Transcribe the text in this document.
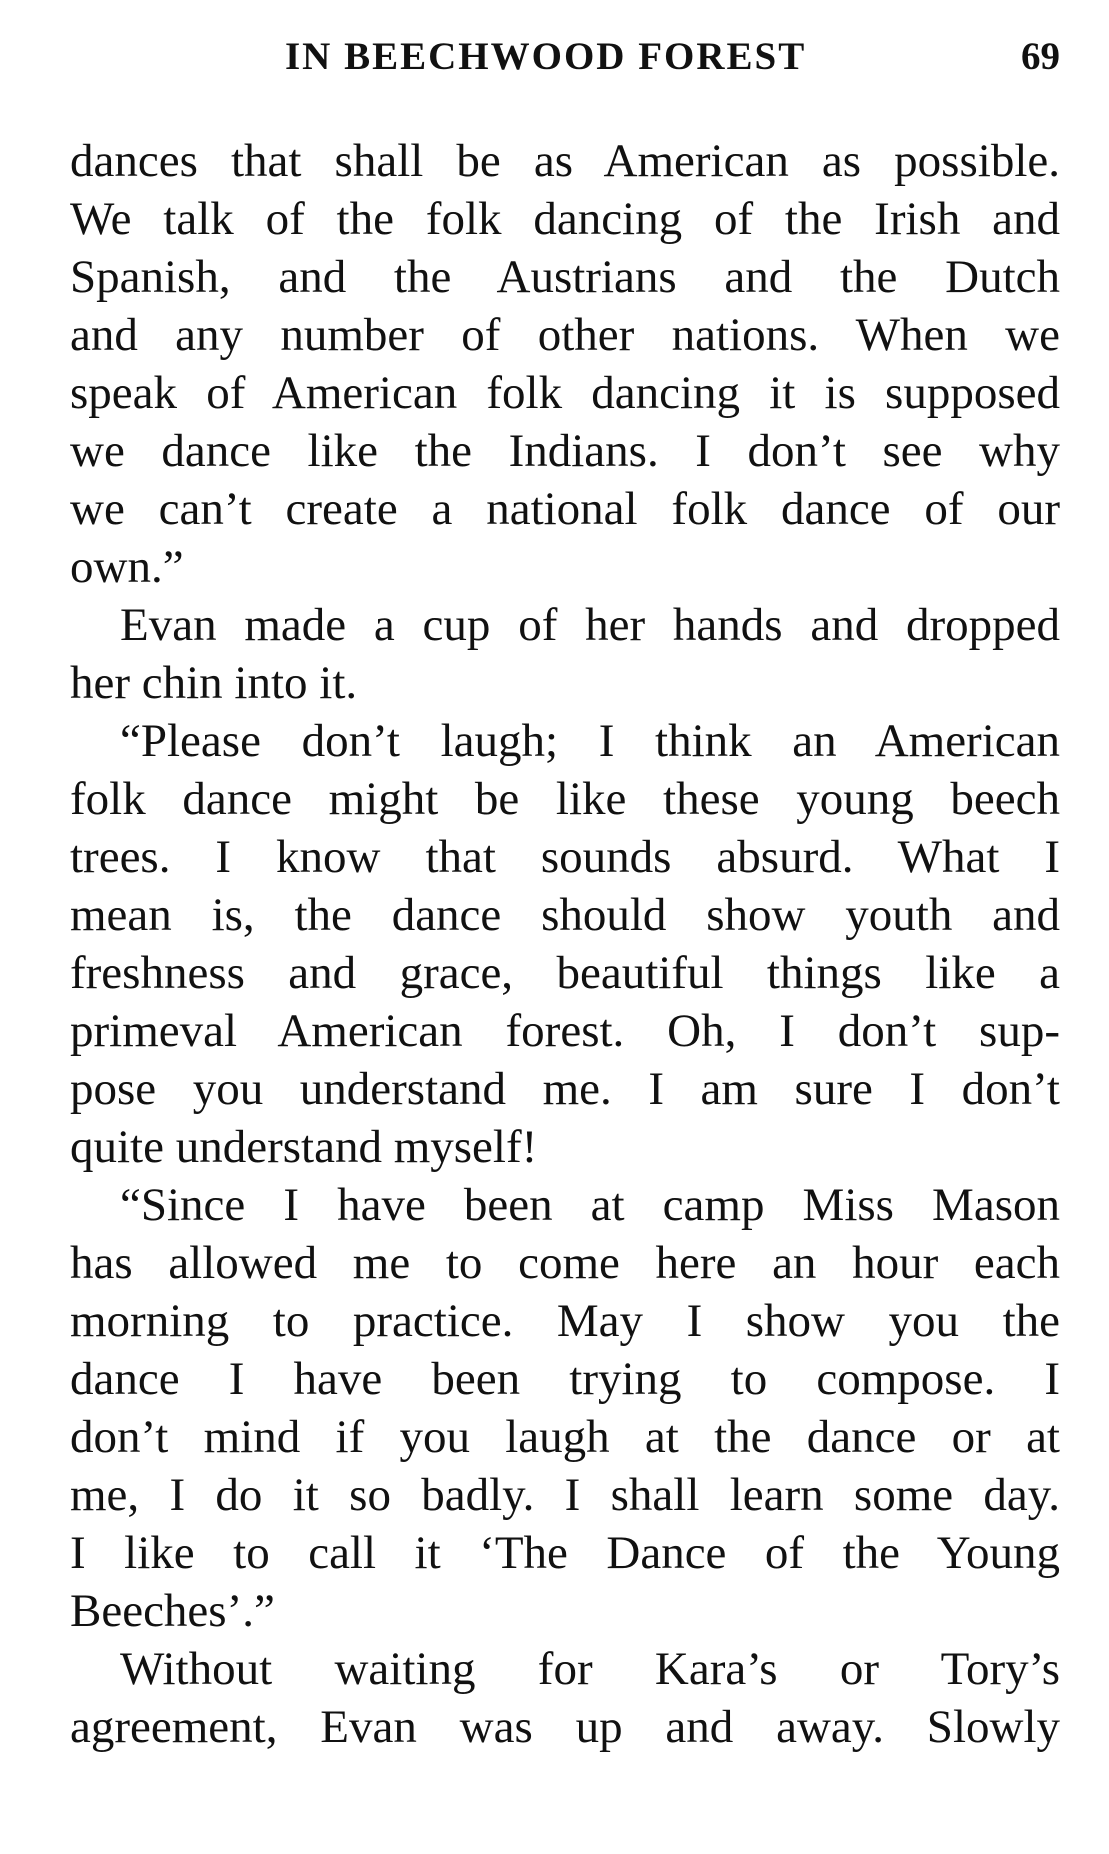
IN BEECHWOOD FOREST	69
dances that shall be as American as possible.
We talk of the folk dancing of the Irish and
Spanish, and the Austrians and the Dutch
and any number of other nations. When we
speak of American folk dancing it is supposed
we dance like the Indians. I don’t see why
we can’t create a national folk dance of our
own.”
Evan made a cup of her hands and dropped
her chin into it.
“Please don’t laugh; I think an American
folk dance might be like these young beech
trees. I know that sounds absurd. What I
mean is, the dance should show youth and
freshness and grace, beautiful things like a
primeval American forest. Oh, I don’t sup-
pose you understand me. I am sure I don’t
quite understand myself!
“Since I have been at camp Miss Mason
has allowed me to come here an hour each
morning to practice. May I show you the
dance I have been trying to compose. I
don’t mind if you laugh at the dance or at
me, I do it so badly. I shall learn some day.
I like to call it ‘The Dance of the Young
Beeches’.”
Without waiting for Kara’s or Tory’s
agreement, Evan was up and away. Slowly
